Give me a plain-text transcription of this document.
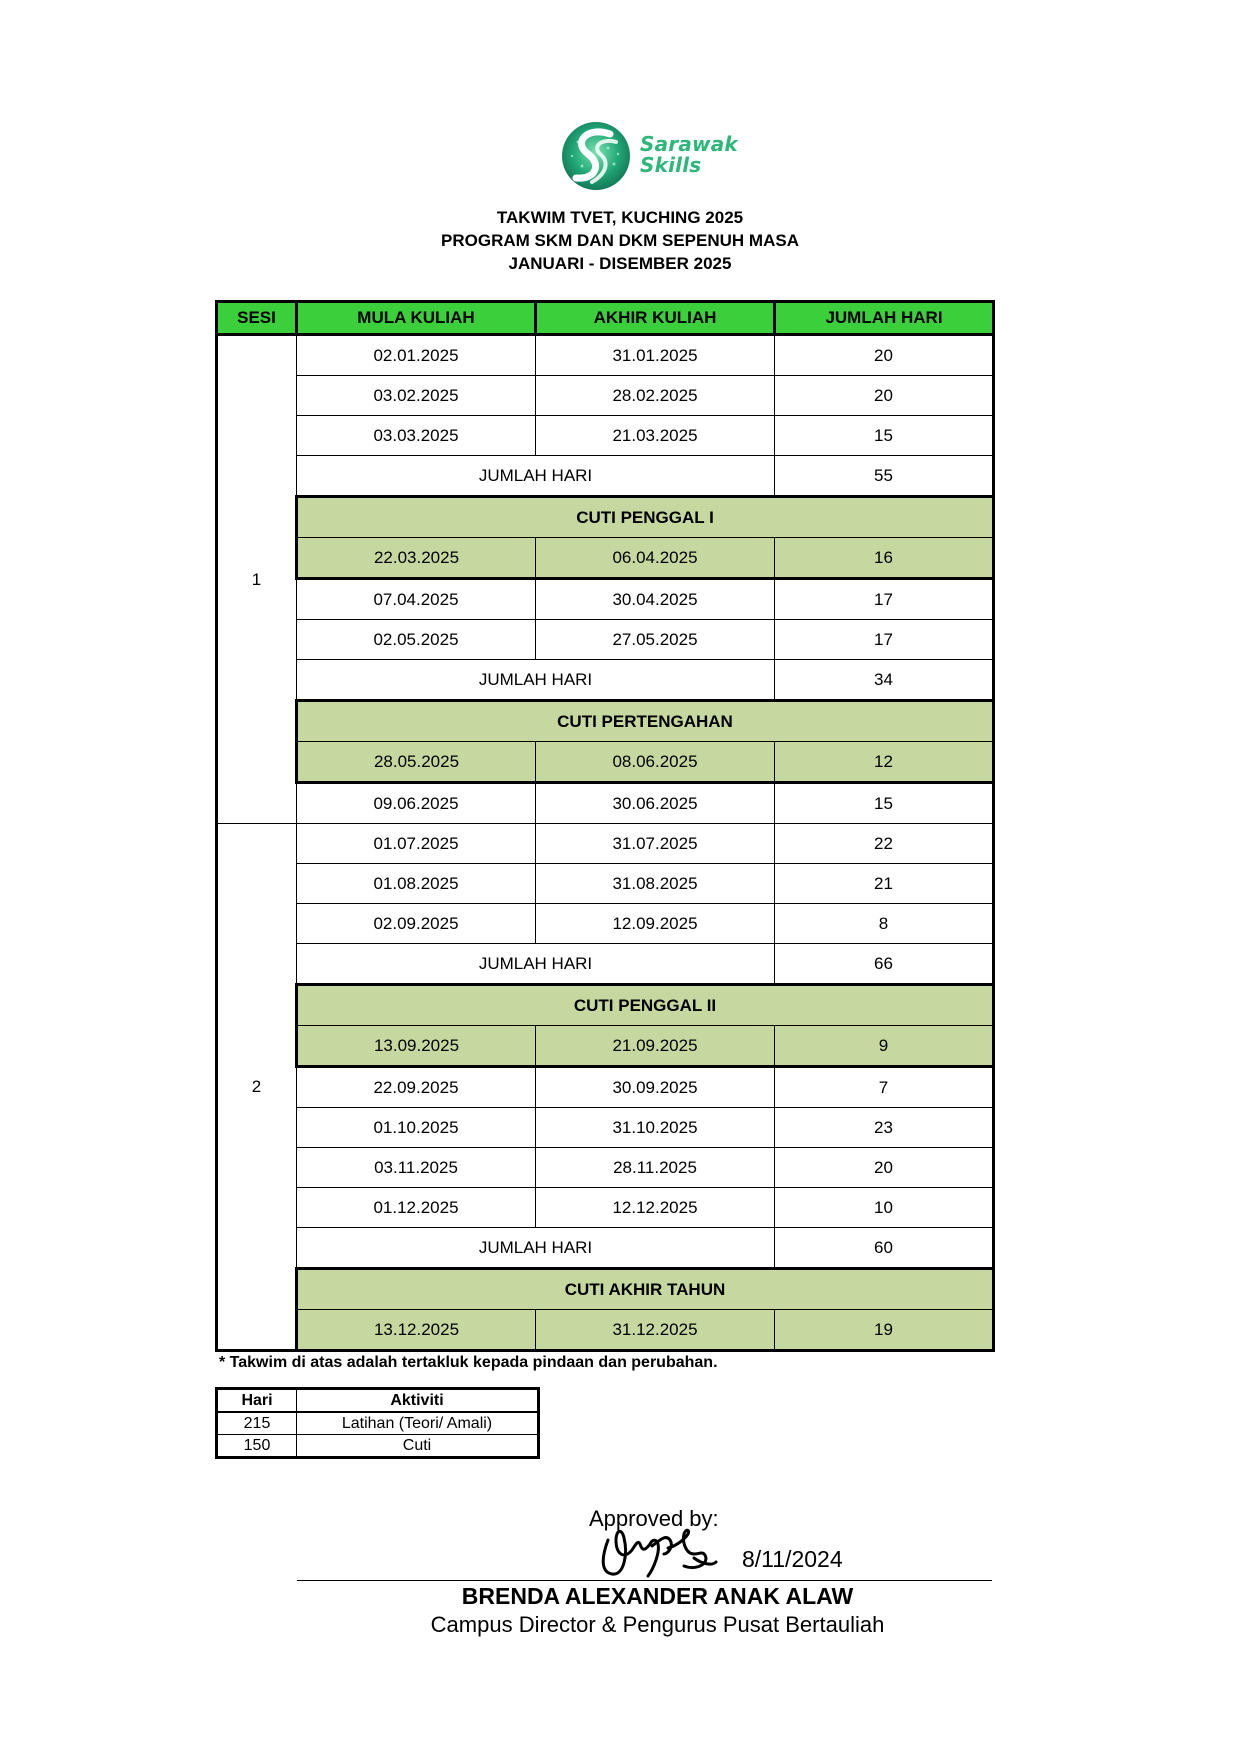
Sarawak
Skills
TAKWIM TVET, KUCHING 2025
PROGRAM SKM DAN DKM SEPENUH MASA
JANUARI - DISEMBER 2025
SESI	MULA KULIAH	AKHIR KULIAH	JUMLAH HARI
1	02.01.2025	31.01.2025	20
	03.02.2025	28.02.2025	20
	03.03.2025	21.03.2025	15
	JUMLAH HARI		55
	CUTI PENGGAL I		
	22.03.2025	06.04.2025	16
	07.04.2025	30.04.2025	17
	02.05.2025	27.05.2025	17
	JUMLAH HARI		34
	CUTI PERTENGAHAN		
	28.05.2025	08.06.2025	12
	09.06.2025	30.06.2025	15
2	01.07.2025	31.07.2025	22
	01.08.2025	31.08.2025	21
	02.09.2025	12.09.2025	8
	JUMLAH HARI		66
	CUTI PENGGAL II		
	13.09.2025	21.09.2025	9
	22.09.2025	30.09.2025	7
	01.10.2025	31.10.2025	23
	03.11.2025	28.11.2025	20
	01.12.2025	12.12.2025	10
	JUMLAH HARI		60
	CUTI AKHIR TAHUN		
	13.12.2025	31.12.2025	19
* Takwim di atas adalah tertakluk kepada pindaan dan perubahan.
Hari	Aktiviti
215	Latihan (Teori/ Amali)
150	Cuti
Approved by:
8/11/2024
BRENDA ALEXANDER ANAK ALAW
Campus Director & Pengurus Pusat Bertauliah
